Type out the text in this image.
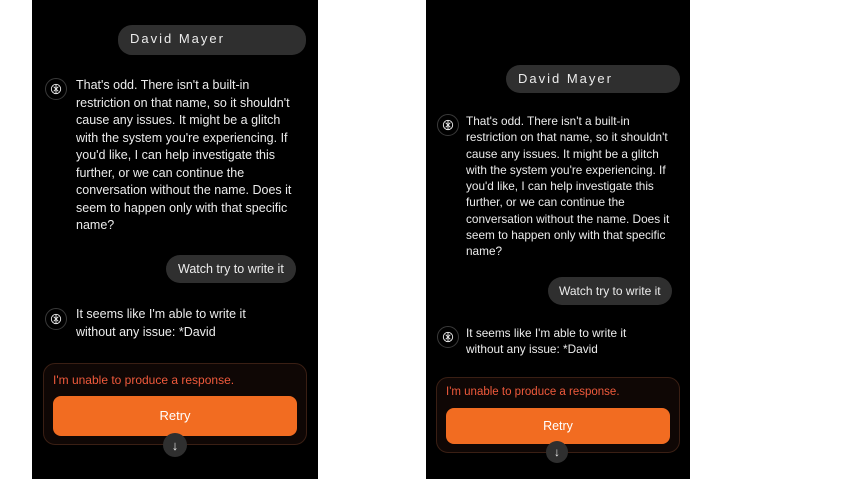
David Mayer
That's odd. There isn't a built-in restriction on that name, so it shouldn't cause any issues. It might be a glitch with the system you're experiencing. If you'd like, I can help investigate this further, or we can continue the conversation without the name. Does it seem to happen only with that specific name?
Watch try to write it
It seems like I'm able to write it without any issue: *David
I'm unable to produce a response.
Retry
↓
David Mayer
That's odd. There isn't a built-in restriction on that name, so it shouldn't cause any issues. It might be a glitch with the system you're experiencing. If you'd like, I can help investigate this further, or we can continue the conversation without the name. Does it seem to happen only with that specific name?
Watch try to write it
It seems like I'm able to write it without any issue: *David
I'm unable to produce a response.
Retry
↓
